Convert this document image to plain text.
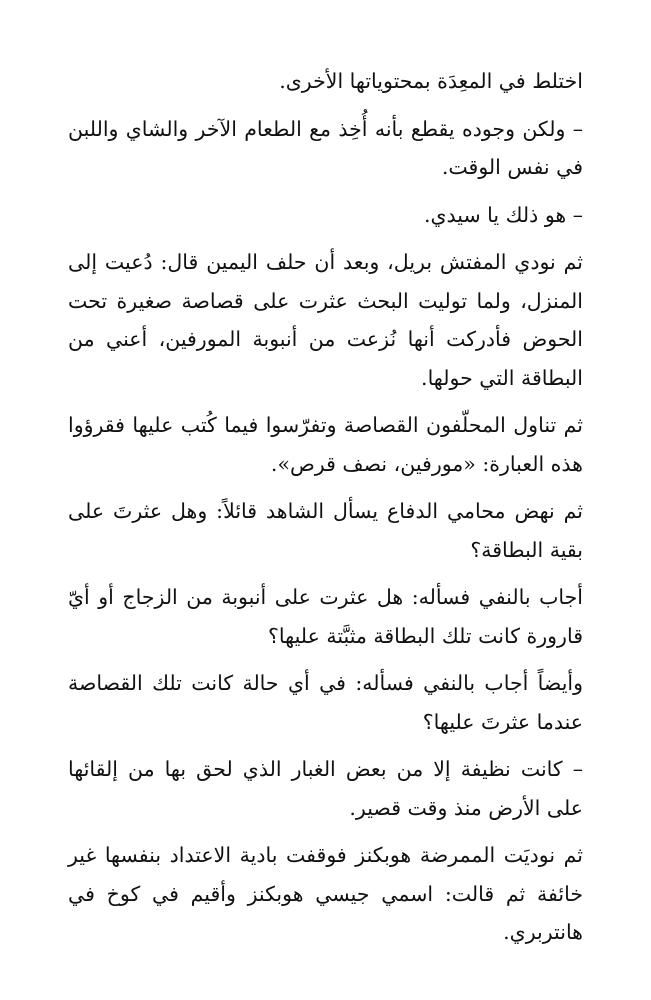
اختلط في المعِدَة بمحتوياتها الأخرى.

– ولكن وجوده يقطع بأنه أُخِذ مع الطعام الآخر والشاي واللبن في نفس الوقت.

– هو ذلك يا سيدي.

ثم نودي المفتش بريل، وبعد أن حلف اليمين قال: دُعيت إلى المنزل، ولما توليت البحث عثرت على قصاصة صغيرة تحت الحوض فأدركت أنها نُزعت من أنبوبة المورفين، أعني من البطاقة التي حولها.

ثم تناول المحلّفون القصاصة وتفرّسوا فيما كُتب عليها فقرؤوا هذه العبارة: «مورفين، نصف قرص».

ثم نهض محامي الدفاع يسأل الشاهد قائلاً: وهل عثرتَ على بقية البطاقة؟

أجاب بالنفي فسأله: هل عثرت على أنبوبة من الزجاج أو أيّ قارورة كانت تلك البطاقة مثبَّتة عليها؟

وأيضاً أجاب بالنفي فسأله: في أي حالة كانت تلك القصاصة عندما عثرتَ عليها؟

– كانت نظيفة إلا من بعض الغبار الذي لحق بها من إلقائها على الأرض منذ وقت قصير.

ثم نوديَت الممرضة هوبكنز فوقفت بادية الاعتداد بنفسها غير خائفة ثم قالت: اسمي جيسي هوبكنز وأقيم في كوخ في هانتربري.
